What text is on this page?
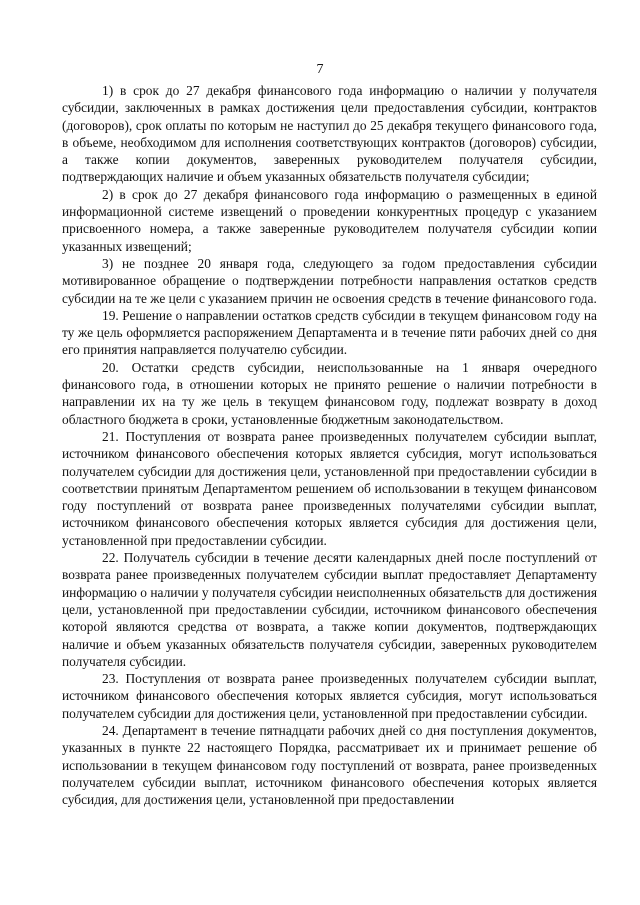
7

1) в срок до 27 декабря финансового года информацию о наличии у получателя субсидии, заключенных в рамках достижения цели предоставления субсидии, контрактов (договоров), срок оплаты по которым не наступил до 25 декабря текущего финансового года, в объеме, необходимом для исполнения соответствующих контрактов (договоров) субсидии, а также копии документов, заверенных руководителем получателя субсидии, подтверждающих наличие и объем указанных обязательств получателя субсидии;

2) в срок до 27 декабря финансового года информацию о размещенных в единой информационной системе извещений о проведении конкурентных процедур с указанием присвоенного номера, а также заверенные руководителем получателя субсидии копии указанных извещений;

3) не позднее 20 января года, следующего за годом предоставления субсидии мотивированное обращение о подтверждении потребности направления остатков средств субсидии на те же цели с указанием причин не освоения средств в течение финансового года.

19. Решение о направлении остатков средств субсидии в текущем финансовом году на ту же цель оформляется распоряжением Департамента и в течение пяти рабочих дней со дня его принятия направляется получателю субсидии.

20. Остатки средств субсидии, неиспользованные на 1 января очередного финансового года, в отношении которых не принято решение о наличии потребности в направлении их на ту же цель в текущем финансовом году, подлежат возврату в доход областного бюджета в сроки, установленные бюджетным законодательством.

21. Поступления от возврата ранее произведенных получателем субсидии выплат, источником финансового обеспечения которых является субсидия, могут использоваться получателем субсидии для достижения цели, установленной при предоставлении субсидии в соответствии принятым Департаментом решением об использовании в текущем финансовом году поступлений от возврата ранее произведенных получателями субсидии выплат, источником финансового обеспечения которых является субсидия для достижения цели, установленной при предоставлении субсидии.

22. Получатель субсидии в течение десяти календарных дней после поступлений от возврата ранее произведенных получателем субсидии выплат предоставляет Департаменту информацию о наличии у получателя субсидии неисполненных обязательств для достижения цели, установленной при предоставлении субсидии, источником финансового обеспечения которой являются средства от возврата, а также копии документов, подтверждающих наличие и объем указанных обязательств получателя субсидии, заверенных руководителем получателя субсидии.

23. Поступления от возврата ранее произведенных получателем субсидии выплат, источником финансового обеспечения которых является субсидия, могут использоваться получателем субсидии для достижения цели, установленной при предоставлении субсидии.

24. Департамент в течение пятнадцати рабочих дней со дня поступления документов, указанных в пункте 22 настоящего Порядка, рассматривает их и принимает решение об использовании в текущем финансовом году поступлений от возврата, ранее произведенных получателем субсидии выплат, источником финансового обеспечения которых является субсидия, для достижения цели, установленной при предоставлении
